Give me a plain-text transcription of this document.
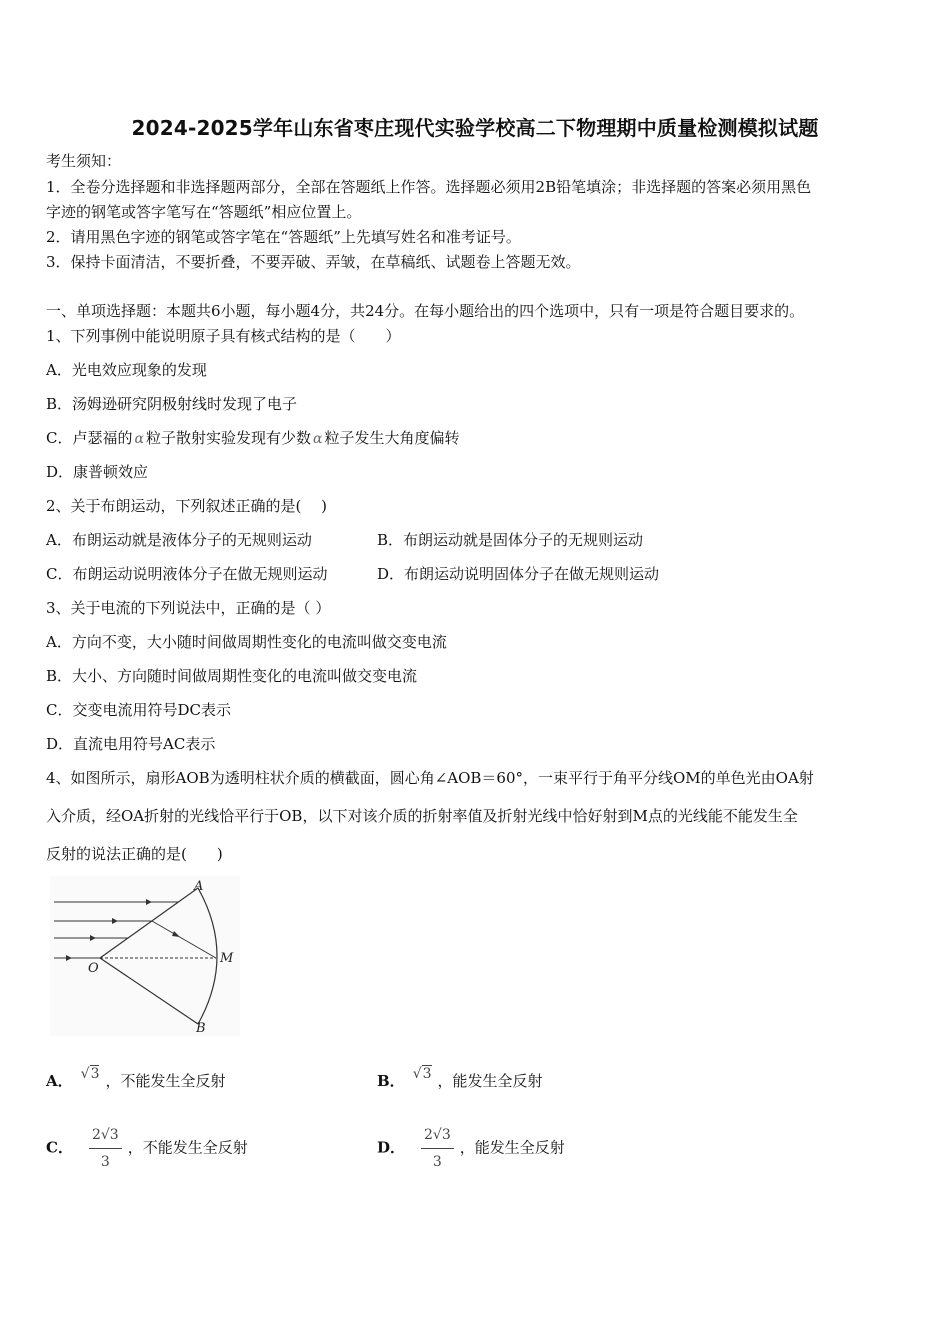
2024-2025学年山东省枣庄现代实验学校高二下物理期中质量检测模拟试题
考生须知：
1．全卷分选择题和非选择题两部分，全部在答题纸上作答。选择题必须用2B铅笔填涂；非选择题的答案必须用黑色
字迹的钢笔或答字笔写在“答题纸”相应位置上。
2．请用黑色字迹的钢笔或答字笔在“答题纸”上先填写姓名和准考证号。
3．保持卡面清洁，不要折叠，不要弄破、弄皱，在草稿纸、试题卷上答题无效。
一、单项选择题：本题共6小题，每小题4分，共24分。在每小题给出的四个选项中，只有一项是符合题目要求的。
1、下列事例中能说明原子具有核式结构的是（　　）
A．光电效应现象的发现
B．汤姆逊研究阴极射线时发现了电子
C．卢瑟福的 α 粒子散射实验发现有少数 α 粒子发生大角度偏转
D．康普顿效应
2、关于布朗运动，下列叙述正确的是(　 )
A．布朗运动就是液体分子的无规则运动	B．布朗运动就是固体分子的无规则运动
C．布朗运动说明液体分子在做无规则运动	D．布朗运动说明固体分子在做无规则运动
3、关于电流的下列说法中，正确的是（ ）
A．方向不变，大小随时间做周期性变化的电流叫做交变电流
B．大小、方向随时间做周期性变化的电流叫做交变电流
C．交变电流用符号DC表示
D．直流电用符号AC表示
4、如图所示，扇形AOB为透明柱状介质的横截面，圆心角∠AOB＝60°，一束平行于角平分线OM的单色光由OA射
入介质，经OA折射的光线恰平行于OB，以下对该介质的折射率值及折射光线中恰好射到M点的光线能不能发生全
反射的说法正确的是(　　)
A
O
M
B
A． √3 ，不能发生全反射	B． √3 ，能发生全反射
C． $\frac{2√3}{3}$ ，不能发生全反射	D． $\frac{2√3}{3}$ ，能发生全反射
